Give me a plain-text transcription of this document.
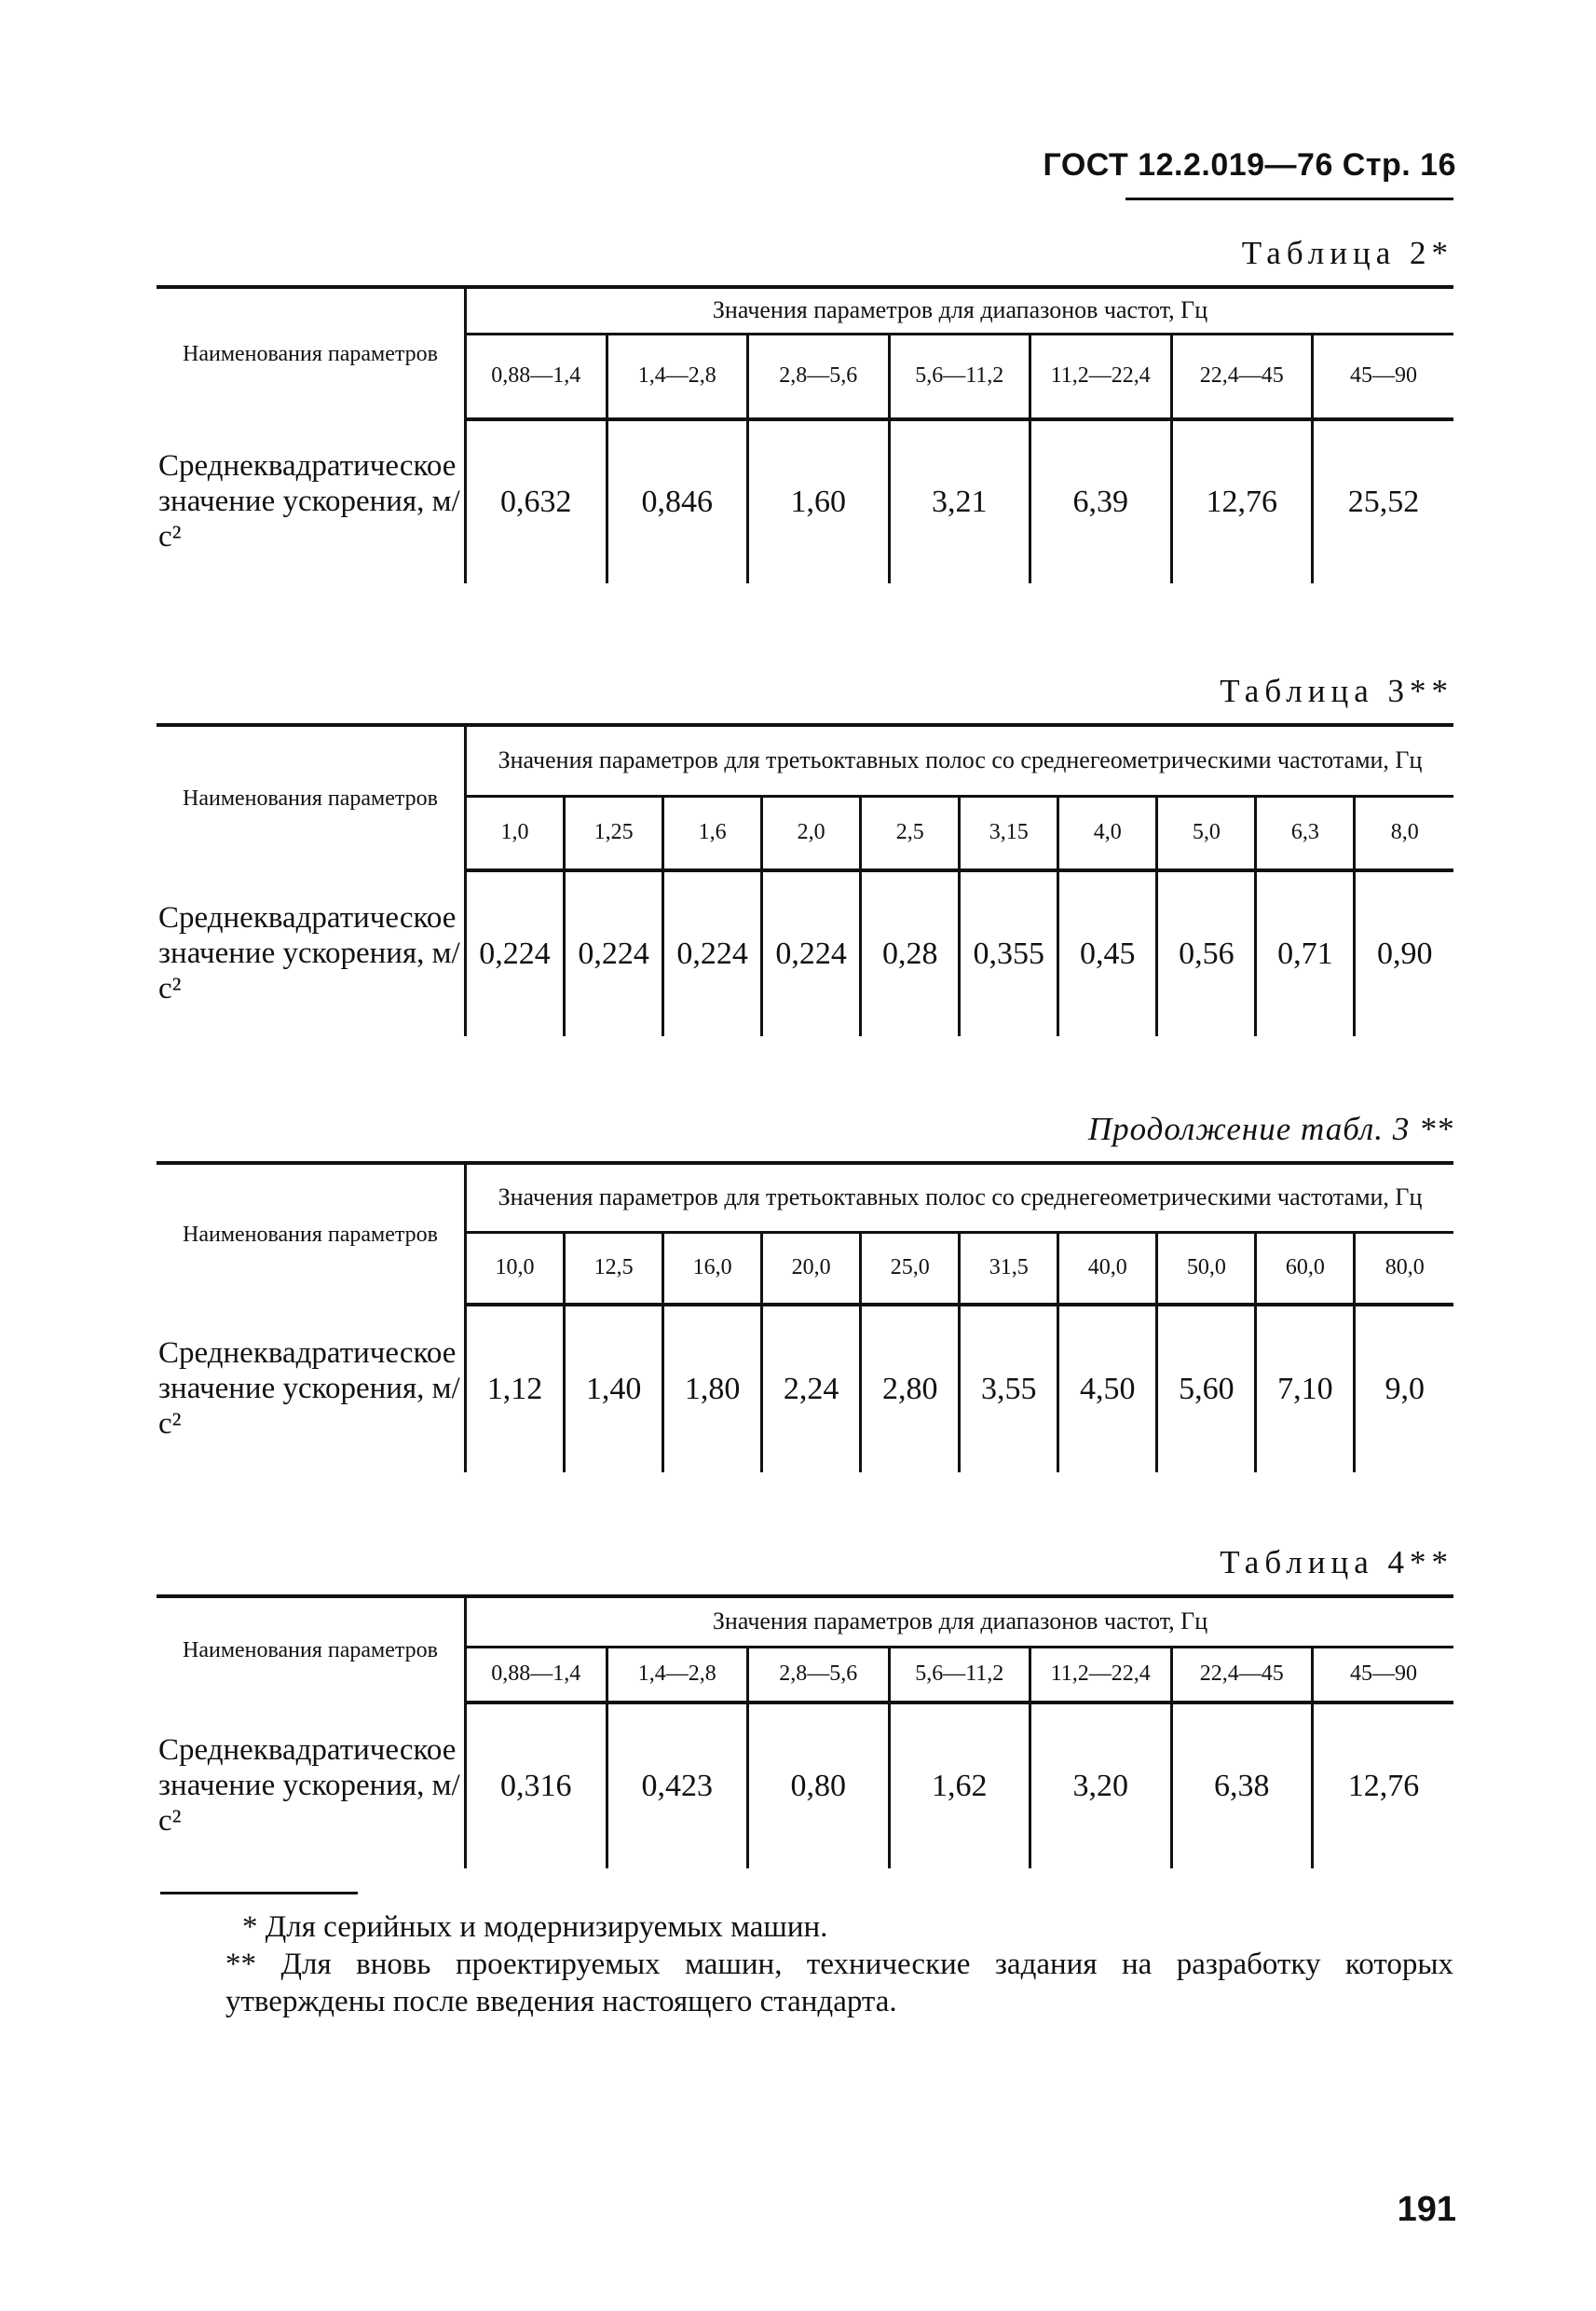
ГОСТ 12.2.019—76 Стр. 16
Таблица 2*
Наименования параметров	Значения параметров для диапазонов частот, Гц						
	0,88—1,4	1,4—2,8	2,8—5,6	5,6—11,2	11,2—22,4	22,4—45	45—90
Среднеквадратическое значение ускорения, м/с²	0,632	0,846	1,60	3,21	6,39	12,76	25,52
Таблица 3**
Наименования параметров	Значения параметров для третьоктавных полос со среднегеометрическими частотами, Гц									
	1,0	1,25	1,6	2,0	2,5	3,15	4,0	5,0	6,3	8,0
Среднеквадратическое значение ускорения, м/с²	0,224	0,224	0,224	0,224	0,28	0,355	0,45	0,56	0,71	0,90
Продолжение табл. 3 **
Наименования параметров	Значения параметров для третьоктавных полос со среднегеометрическими частотами, Гц									
	10,0	12,5	16,0	20,0	25,0	31,5	40,0	50,0	60,0	80,0
Среднеквадратическое значение ускорения, м/с²	1,12	1,40	1,80	2,24	2,80	3,55	4,50	5,60	7,10	9,0
Таблица 4**
Наименования параметров	Значения параметров для диапазонов частот, Гц						
	0,88—1,4	1,4—2,8	2,8—5,6	5,6—11,2	11,2—22,4	22,4—45	45—90
Среднеквадратическое значение ускорения, м/с²	0,316	0,423	0,80	1,62	3,20	6,38	12,76
* Для серийных и модернизируемых машин.
** Для вновь проектируемых машин, технические задания на разработку которых утверждены после введения настоящего стандарта.
191
